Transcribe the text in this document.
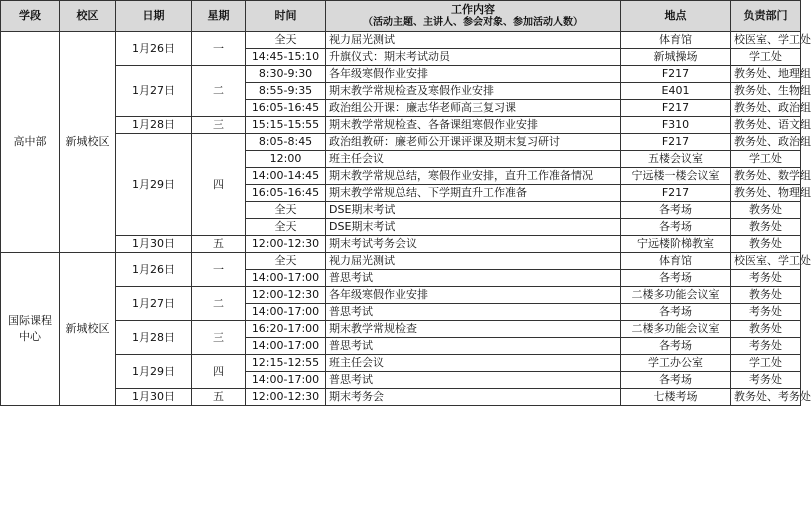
学段	校区	日期	星期	时间	工作内容
（活动主题、主讲人、参会对象、参加活动人数）	地点	负责部门
高中部	新城校区	1月26日	一	全天	视力屈光测试	体育馆	校医室、学工处
				14:45-15:10	升旗仪式：期末考试动员	新城操场	学工处
		1月27日	二	8:30-9:30	各年级寒假作业安排	F217	教务处、地理组
				8:55-9:35	期末教学常规检查及寒假作业安排	E401	教务处、生物组
				16:05-16:45	政治组公开课：廉志华老师高三复习课	F217	教务处、政治组
		1月28日	三	15:15-15:55	期末教学常规检查、各备课组寒假作业安排	F310	教务处、语文组
		1月29日	四	8:05-8:45	政治组教研：廉老师公开课评课及期末复习研讨	F217	教务处、政治组
				12:00	班主任会议	五楼会议室	学工处
				14:00-14:45	期末教学常规总结，寒假作业安排，直升工作准备情况	宁远楼一楼会议室	教务处、数学组
				16:05-16:45	期末教学常规总结、下学期直升工作准备	F217	教务处、物理组
				全天	DSE期末考试	各考场	教务处
				全天	DSE期末考试	各考场	教务处
		1月30日	五	12:00-12:30	期末考试考务会议	宁远楼阶梯教室	教务处
国际课程中心	新城校区	1月26日	一	全天	视力屈光测试	体育馆	校医室、学工处
				14:00-17:00	普思考试	各考场	考务处
		1月27日	二	12:00-12:30	各年级寒假作业安排	二楼多功能会议室	教务处
				14:00-17:00	普思考试	各考场	考务处
		1月28日	三	16:20-17:00	期末教学常规检查	二楼多功能会议室	教务处
				14:00-17:00	普思考试	各考场	考务处
		1月29日	四	12:15-12:55	班主任会议	学工办公室	学工处
				14:00-17:00	普思考试	各考场	考务处
		1月30日	五	12:00-12:30	期末考务会	七楼考场	教务处、考务处
